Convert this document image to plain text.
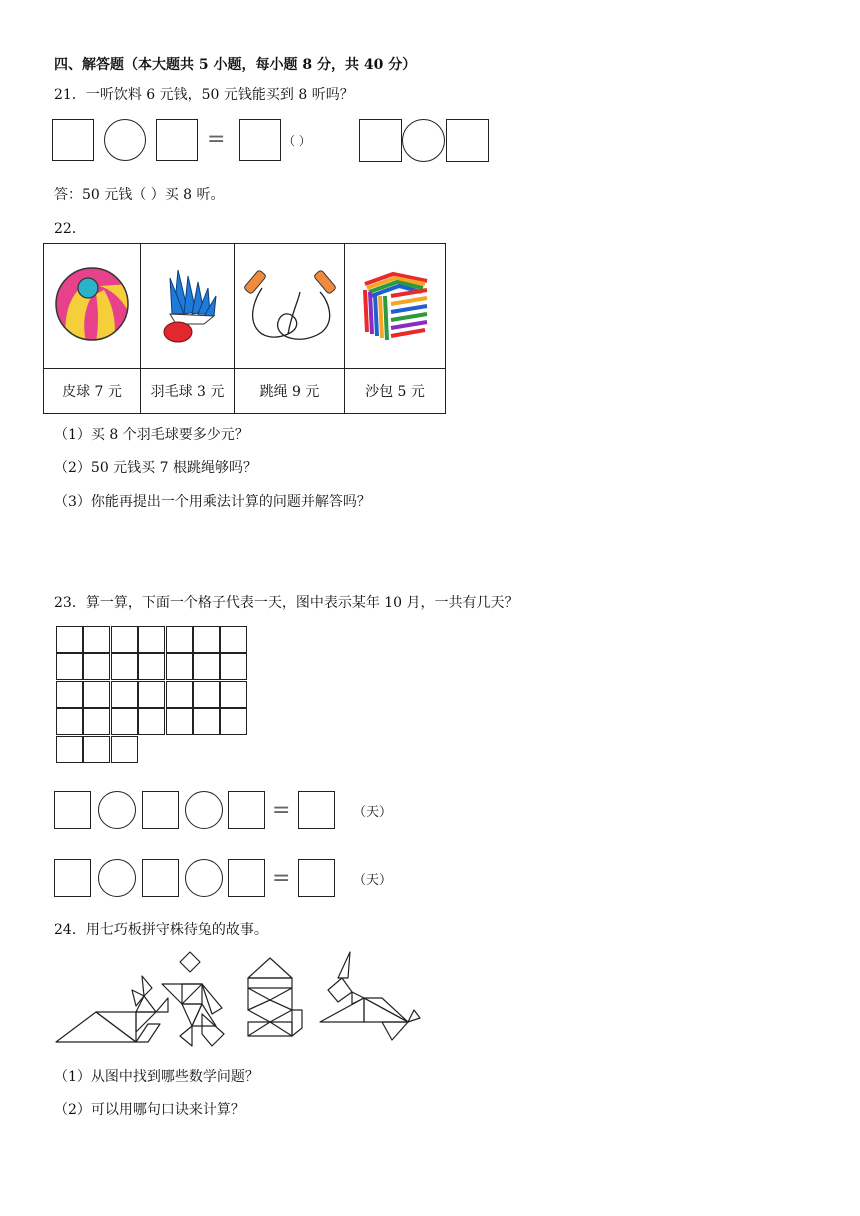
四、解答题（本大题共 5 小题，每小题 8 分，共 40 分）
21．一听饮料 6 元钱，50 元钱能买到 8 听吗？
=	（ ）
答：50 元钱（ ）买 8 听。
22．

皮球 7 元	羽毛球 3 元	跳绳 9 元	沙包 5 元
（1）买 8 个羽毛球要多少元？
（2）50 元钱买 7 根跳绳够吗？
（3）你能再提出一个用乘法计算的问题并解答吗？
23．算一算，下面一个格子代表一天，图中表示某年 10 月，一共有几天？
=	（天）
=	（天）
24．用七巧板拼守株待兔的故事。
（1）从图中找到哪些数学问题？
（2）可以用哪句口诀来计算？
